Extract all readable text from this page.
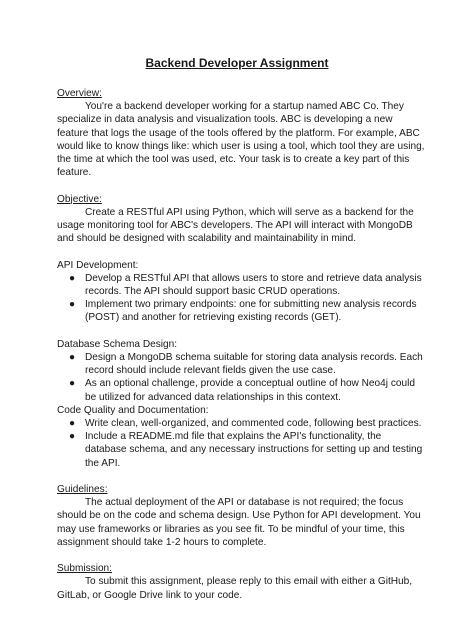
Backend Developer Assignment
Overview:

You're a backend developer working for a startup named ABC Co. They specialize in data analysis and visualization tools. ABC is developing a new feature that logs the usage of the tools offered by the platform. For example, ABC would like to know things like: which user is using a tool, which tool they are using, the time at which the tool was used, etc. Your task is to create a key part of this feature.

Objective:

Create a RESTful API using Python, which will serve as a backend for the usage monitoring tool for ABC's developers. The API will interact with MongoDB and should be designed with scalability and maintainability in mind.

API Development:
● Develop a RESTful API that allows users to store and retrieve data analysis records. The API should support basic CRUD operations.
● Implement two primary endpoints: one for submitting new analysis records (POST) and another for retrieving existing records (GET).
Database Schema Design:
● Design a MongoDB schema suitable for storing data analysis records. Each record should include relevant fields given the use case.
● As an optional challenge, provide a conceptual outline of how Neo4j could be utilized for advanced data relationships in this context.
Code Quality and Documentation:
● Write clean, well-organized, and commented code, following best practices.
● Include a README.md file that explains the API's functionality, the database schema, and any necessary instructions for setting up and testing the API.
Guidelines:

The actual deployment of the API or database is not required; the focus should be on the code and schema design. Use Python for API development. You may use frameworks or libraries as you see fit. To be mindful of your time, this assignment should take 1-2 hours to complete.

Submission:

To submit this assignment, please reply to this email with either a GitHub, GitLab, or Google Drive link to your code.
